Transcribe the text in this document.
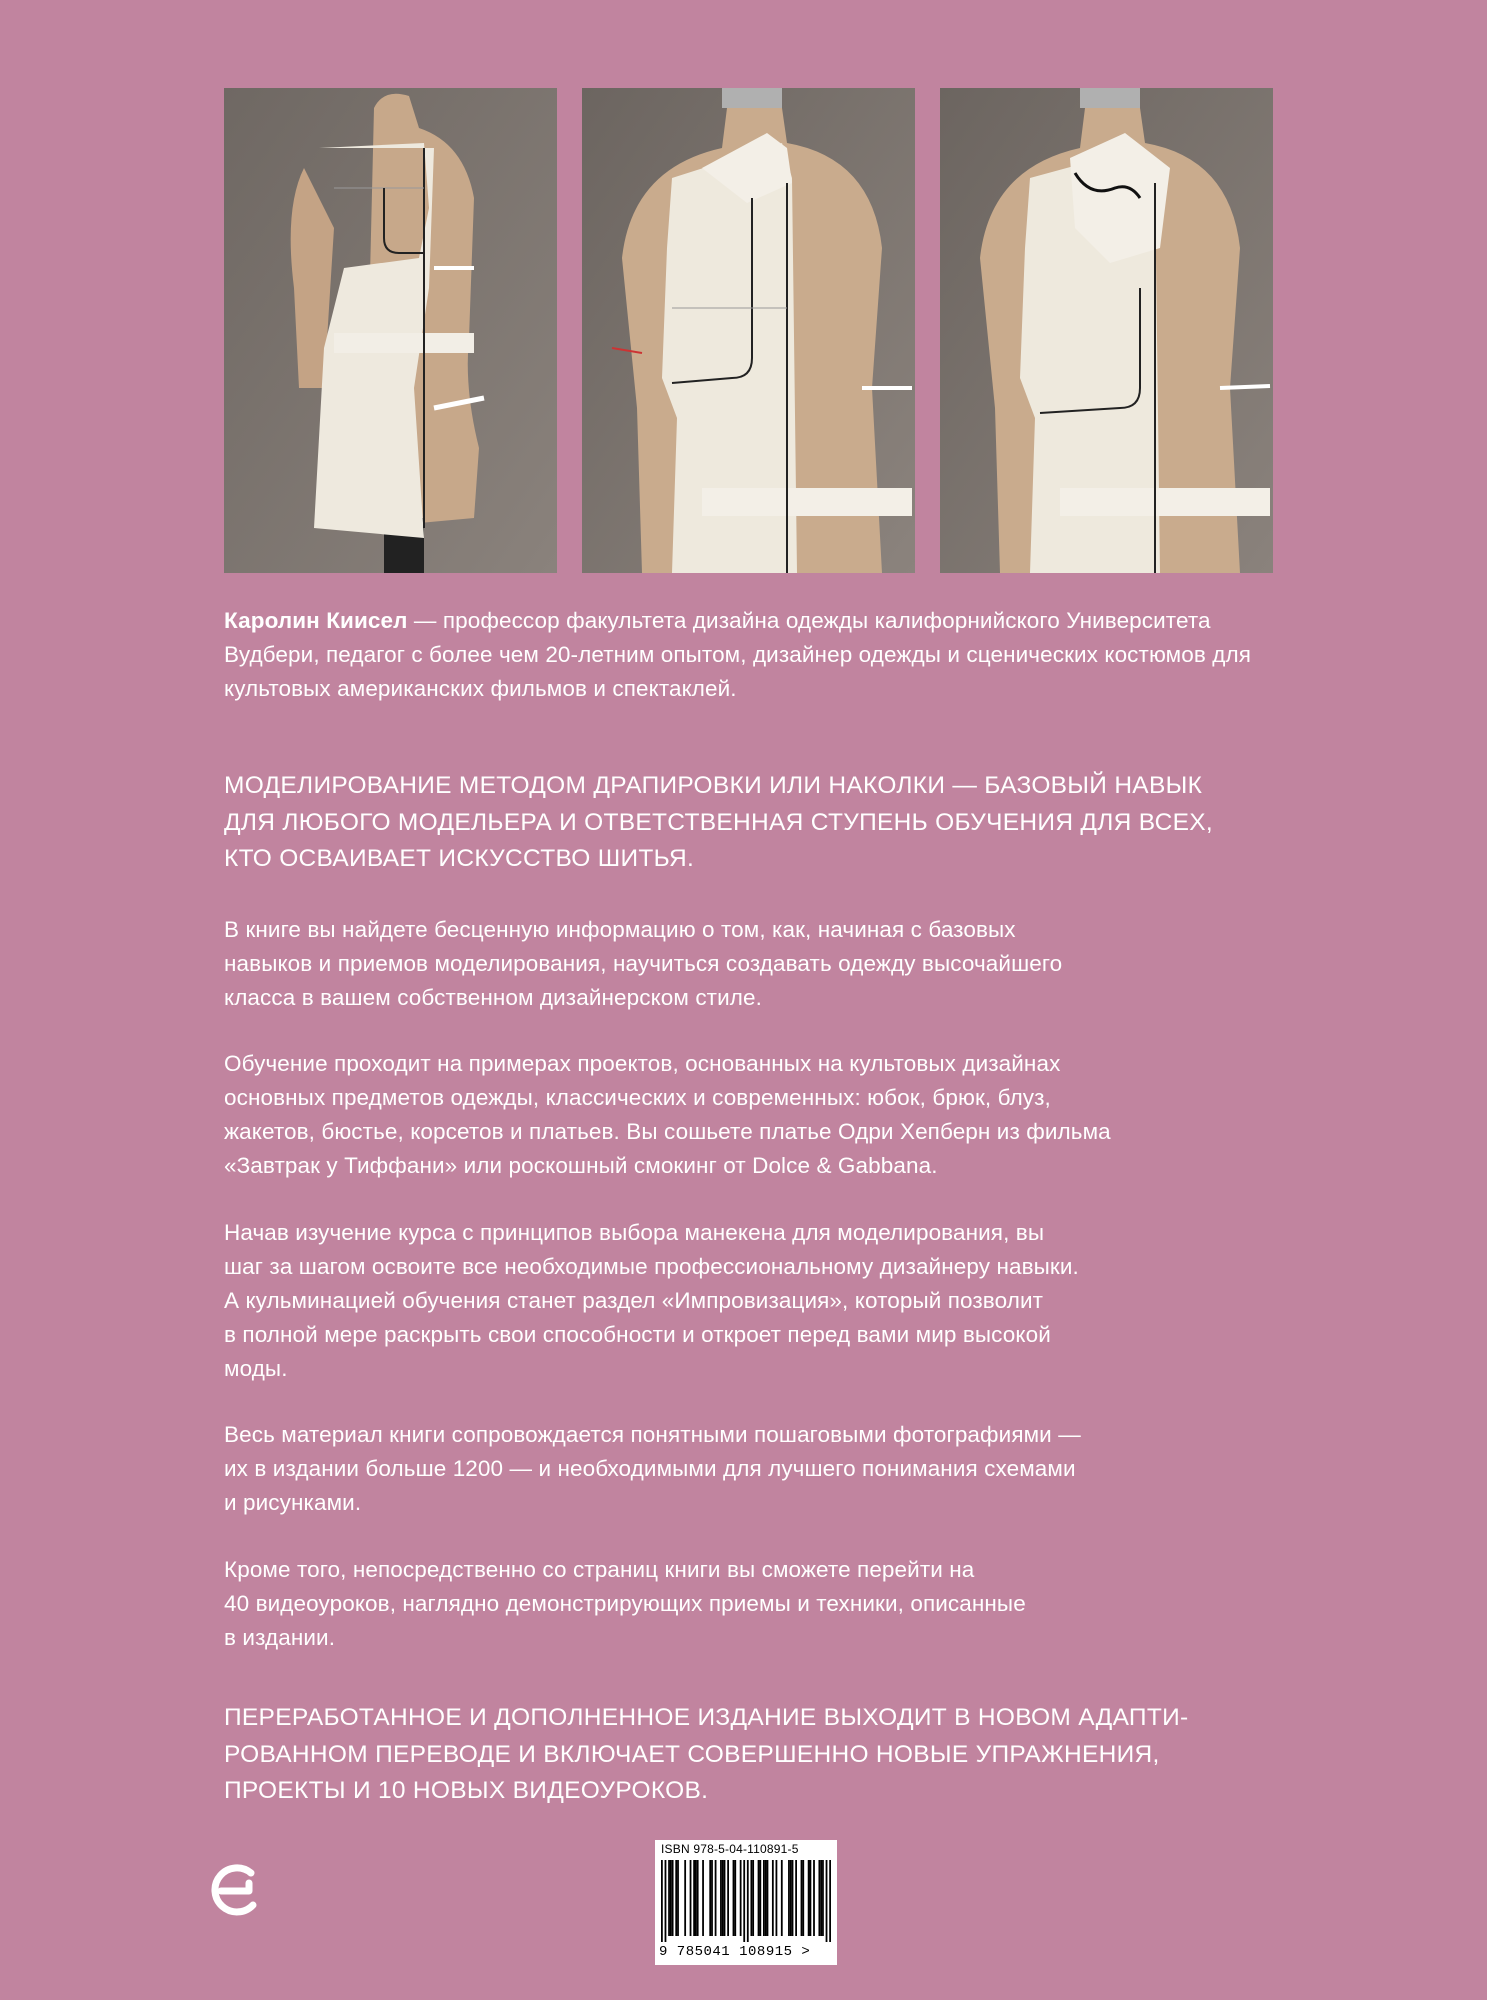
Каролин Киисел — профессор факультета дизайна одежды калифорнийского Университета Вудбери, педагог с более чем 20-летним опытом, дизайнер одежды и сценических костюмов для культовых американских фильмов и спектаклей.
МОДЕЛИРОВАНИЕ МЕТОДОМ ДРАПИРОВКИ ИЛИ НАКОЛКИ — БАЗОВЫЙ НАВЫК
ДЛЯ ЛЮБОГО МОДЕЛЬЕРА И ОТВЕТСТВЕННАЯ СТУПЕНЬ ОБУЧЕНИЯ ДЛЯ ВСЕХ,
КТО ОСВАИВАЕТ ИСКУССТВО ШИТЬЯ.
В книге вы найдете бесценную информацию о том, как, начиная с базовых
навыков и приемов моделирования, научиться создавать одежду высочайшего
класса в вашем собственном дизайнерском стиле.
Обучение проходит на примерах проектов, основанных на культовых дизайнах
основных предметов одежды, классических и современных: юбок, брюк, блуз,
жакетов, бюстье, корсетов и платьев. Вы сошьете платье Одри Хепберн из фильма
«Завтрак у Тиффани» или роскошный смокинг от Dolce & Gabbana.
Начав изучение курса с принципов выбора манекена для моделирования, вы
шаг за шагом освоите все необходимые профессиональному дизайнеру навыки.
А кульминацией обучения станет раздел «Импровизация», который позволит
в полной мере раскрыть свои способности и откроет перед вами мир высокой
моды.
Весь материал книги сопровождается понятными пошаговыми фотографиями —
их в издании больше 1200 — и необходимыми для лучшего понимания схемами
и рисунками.
Кроме того, непосредственно со страниц книги вы сможете перейти на
40 видеоуроков, наглядно демонстрирующих приемы и техники, описанные
в издании.
ПЕРЕРАБОТАННОЕ И ДОПОЛНЕННОЕ ИЗДАНИЕ ВЫХОДИТ В НОВОМ АДАПТИ-
РОВАННОМ ПЕРЕВОДЕ И ВКЛЮЧАЕТ СОВЕРШЕННО НОВЫЕ УПРАЖНЕНИЯ,
ПРОЕКТЫ И 10 НОВЫХ ВИДЕОУРОКОВ.
ISBN 978-5-04-110891-5
9 785041 108915 >
